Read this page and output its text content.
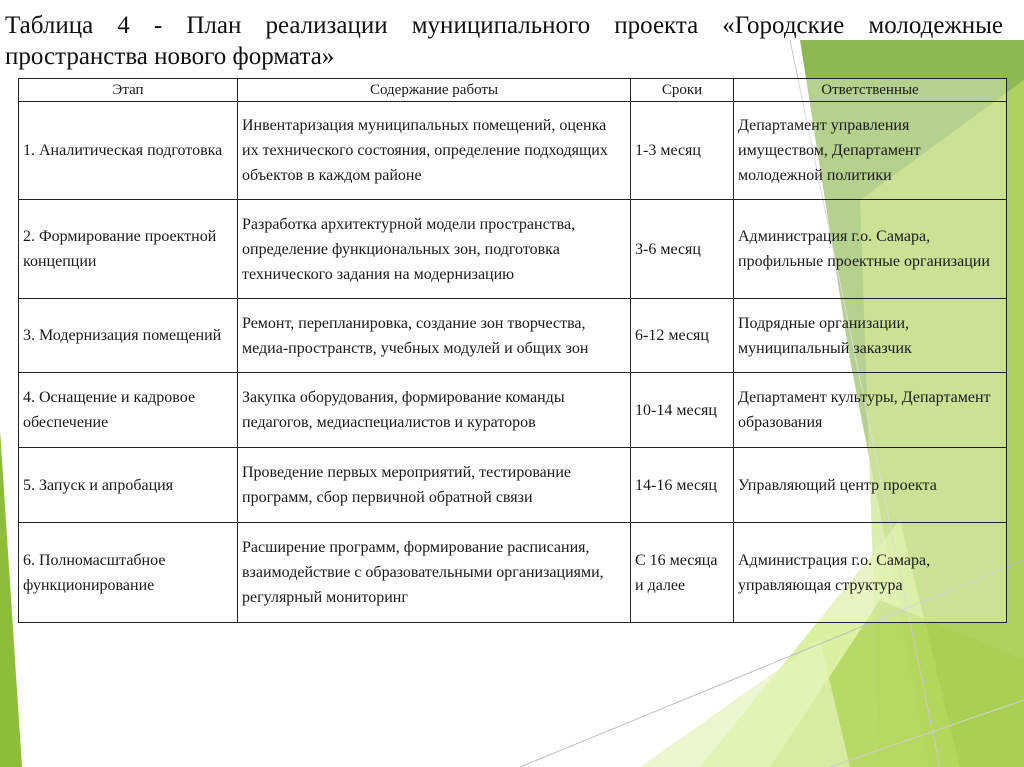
Таблица 4 - План реализации муниципального проекта «Городские молодежные
пространства нового формата»
Этап	Содержание работы	Сроки	Ответственные
1. Аналитическая подготовка	Инвентаризация муниципальных помещений, оценка их технического состояния, определение подходящих объектов в каждом районе	1-3 месяц	Департамент управления имуществом, Департамент молодежной политики
2. Формирование проектной концепции	Разработка архитектурной модели пространства, определение функциональных зон, подготовка технического задания на модернизацию	3-6 месяц	Администрация г.о. Самара, профильные проектные организации
3. Модернизация помещений	Ремонт, перепланировка, создание зон творчества, медиа-пространств, учебных модулей и общих зон	6-12 месяц	Подрядные организации, муниципальный заказчик
4. Оснащение и кадровое обеспечение	Закупка оборудования, формирование команды педагогов, медиаспециалистов и кураторов	10-14 месяц	Департамент культуры, Департамент образования
5. Запуск и апробация	Проведение первых мероприятий, тестирование программ, сбор первичной обратной связи	14-16 месяц	Управляющий центр проекта
6. Полномасштабное функционирование	Расширение программ, формирование расписания, взаимодействие с образовательными организациями, регулярный мониторинг	С 16 месяца и далее	Администрация г.о. Самара, управляющая структура
